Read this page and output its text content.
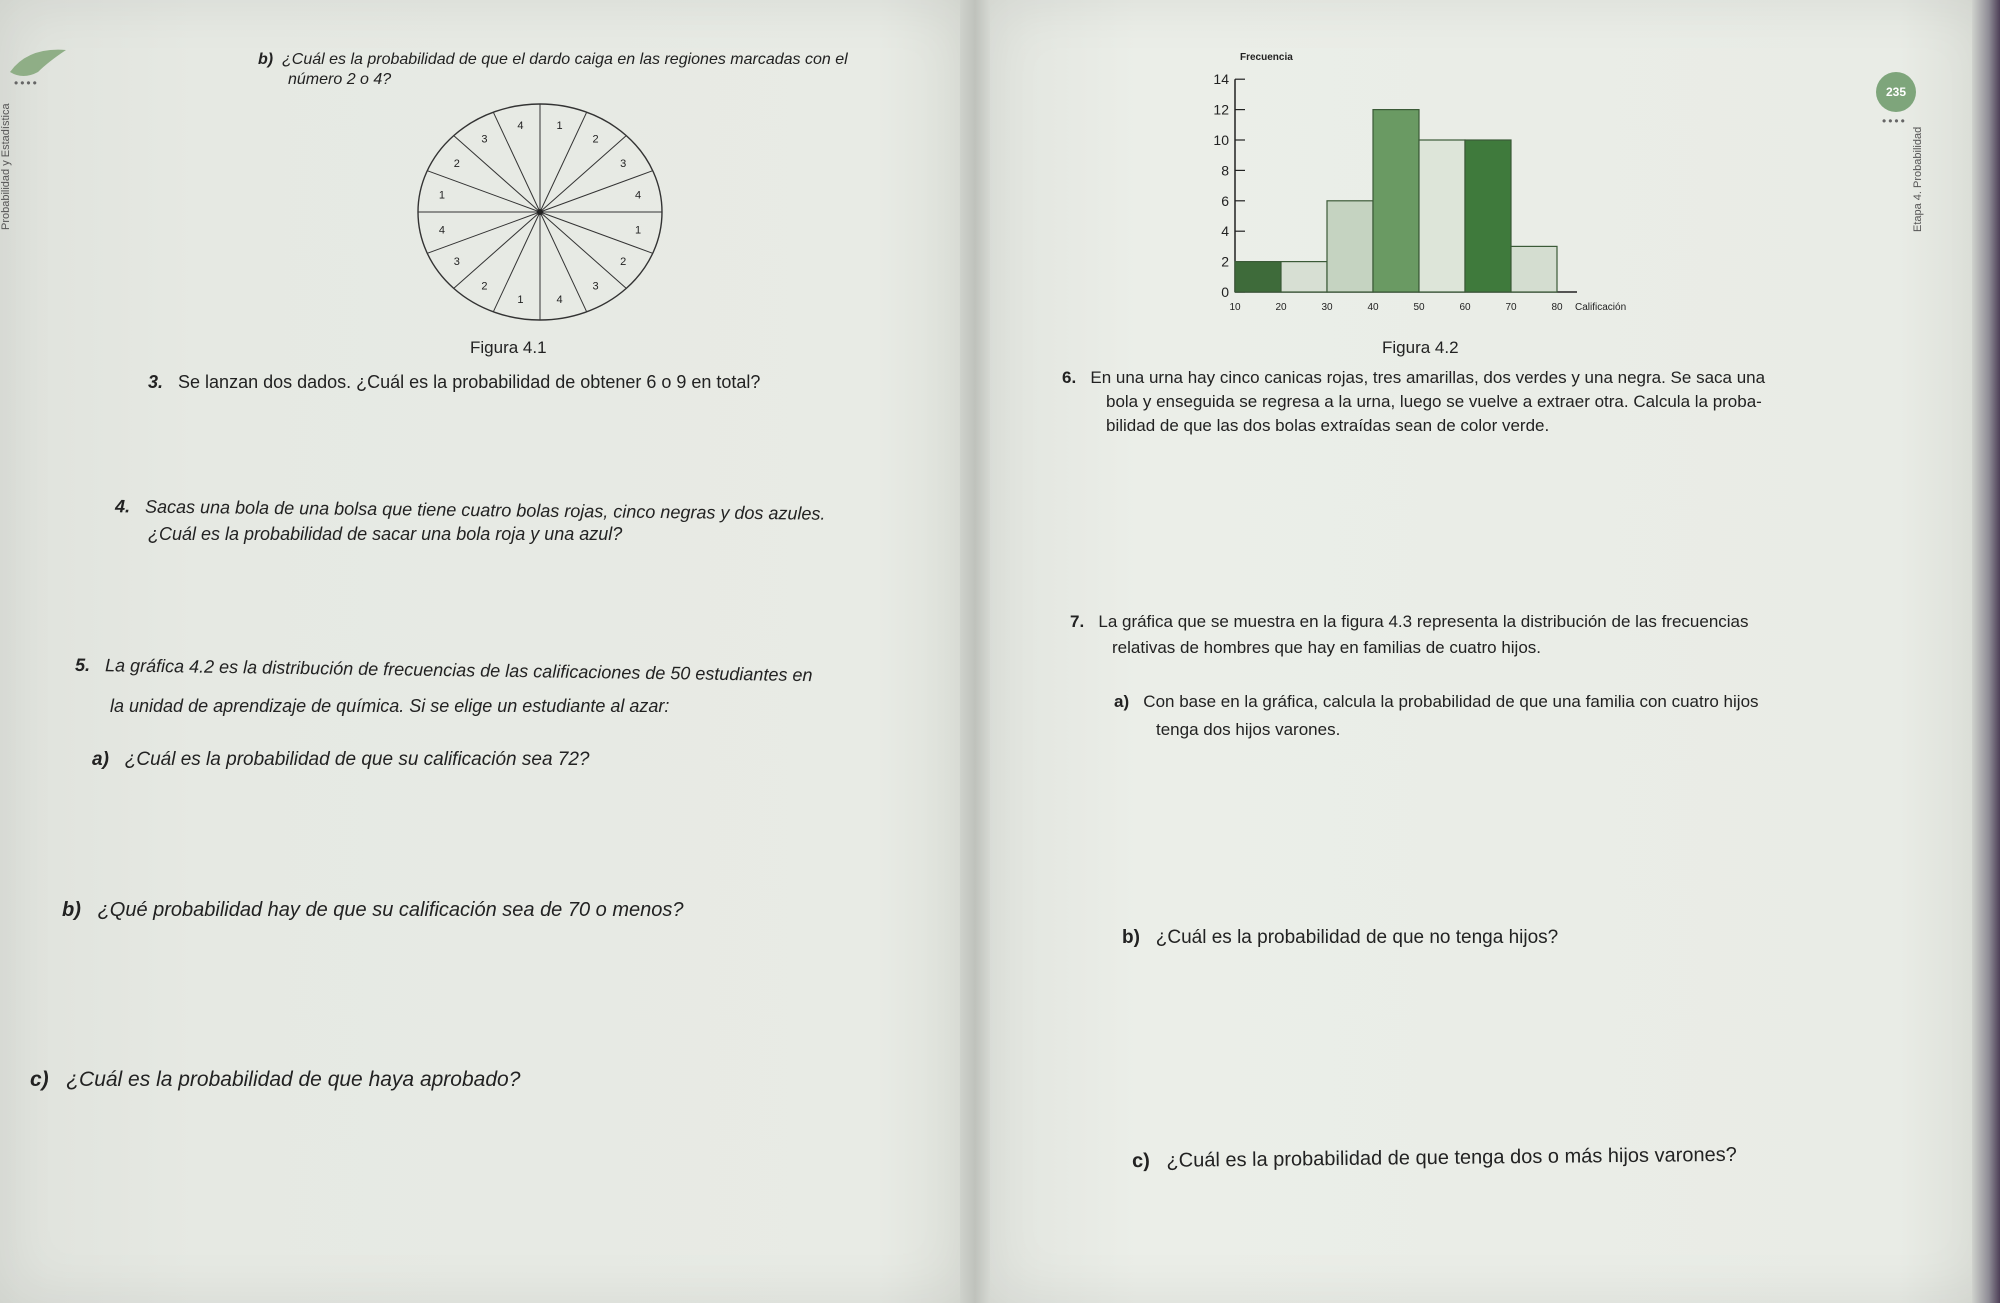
••••
Probabilidad y Estadística
b) ¿Cuál es la probabilidad de que el dardo caiga en las regiones marcadas con el
número 2 o 4?
1
2
3
4
1
2
3
4
1
2
3
4
1
2
3
4
Figura 4.1
3. Se lanzan dos dados. ¿Cuál es la probabilidad de obtener 6 o 9 en total?
4. Sacas una bola de una bolsa que tiene cuatro bolas rojas, cinco negras y dos azules.
¿Cuál es la probabilidad de sacar una bola roja y una azul?
5. La gráfica 4.2 es la distribución de frecuencias de las calificaciones de 50 estudiantes en
la unidad de aprendizaje de química. Si se elige un estudiante al azar:
a) ¿Cuál es la probabilidad de que su calificación sea 72?
b) ¿Qué probabilidad hay de que su calificación sea de 70 o menos?
c) ¿Cuál es la probabilidad de que haya aprobado?
235
••••
Etapa 4. Probabilidad
0
2
4
6
8
10
12
14
10	20	30	40	50	60	70	80
Frecuencia
Calificación
Figura 4.2
6. En una urna hay cinco canicas rojas, tres amarillas, dos verdes y una negra. Se saca una
bola y enseguida se regresa a la urna, luego se vuelve a extraer otra. Calcula la proba-
bilidad de que las dos bolas extraídas sean de color verde.
7. La gráfica que se muestra en la figura 4.3 representa la distribución de las frecuencias
relativas de hombres que hay en familias de cuatro hijos.
a) Con base en la gráfica, calcula la probabilidad de que una familia con cuatro hijos
tenga dos hijos varones.
b) ¿Cuál es la probabilidad de que no tenga hijos?
c) ¿Cuál es la probabilidad de que tenga dos o más hijos varones?
